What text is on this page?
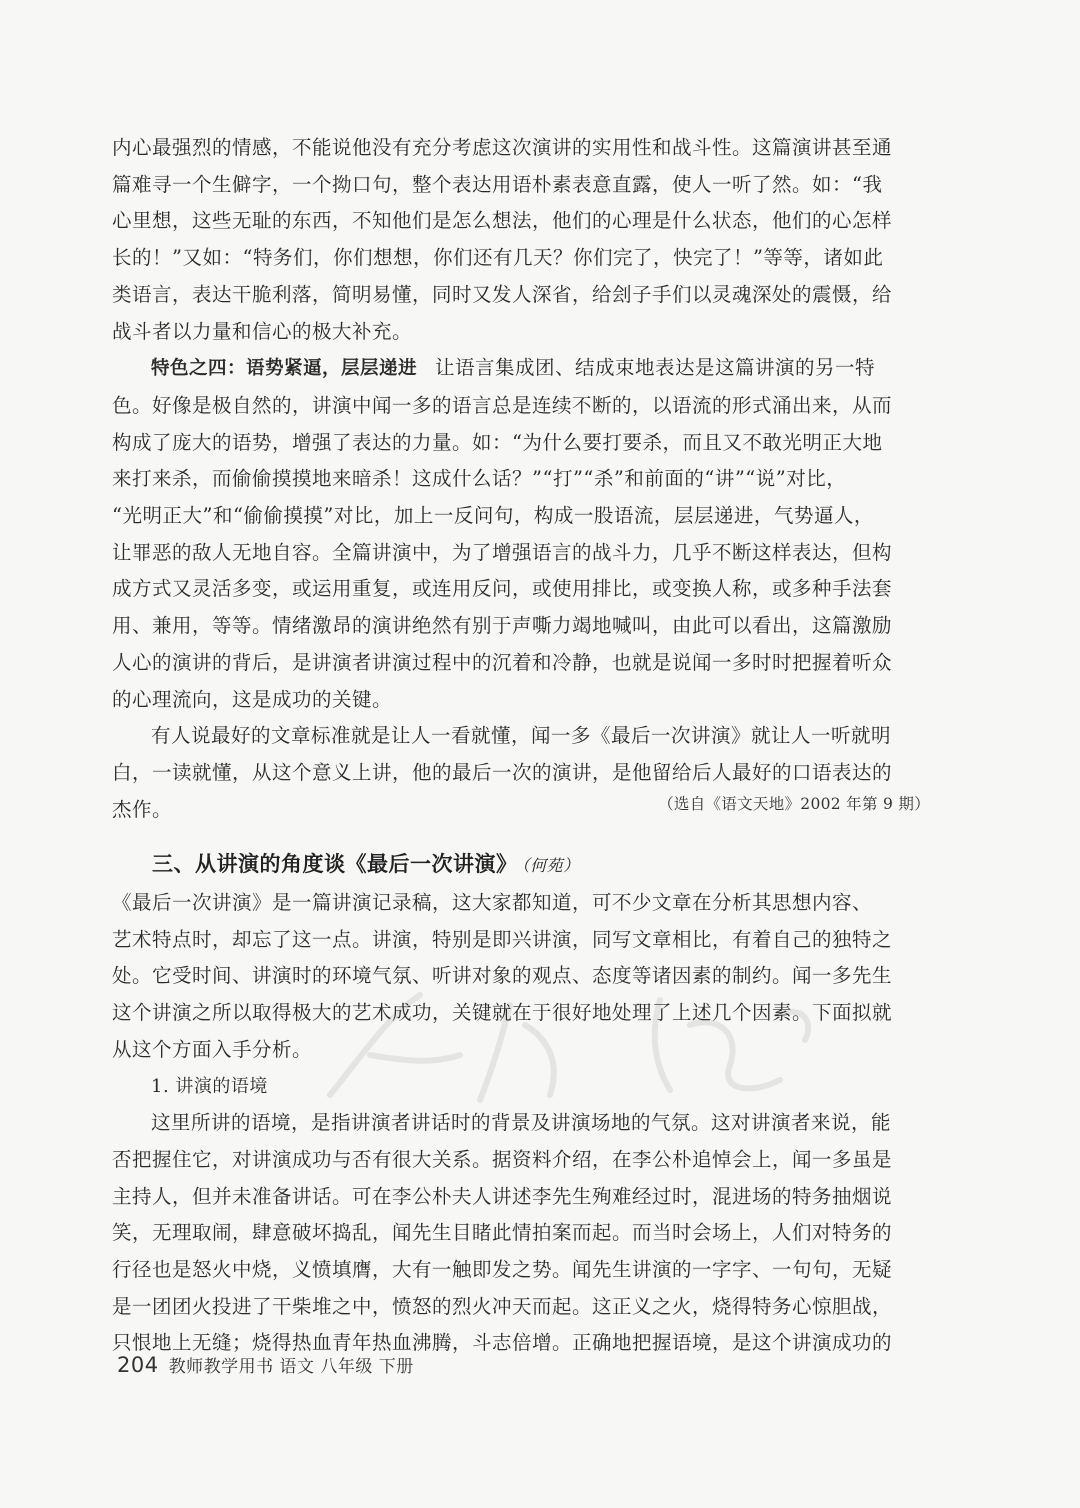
内心最强烈的情感，不能说他没有充分考虑这次演讲的实用性和战斗性。这篇演讲甚至通

篇难寻一个生僻字，一个拗口句，整个表达用语朴素表意直露，使人一听了然。如：“我

心里想，这些无耻的东西，不知他们是怎么想法，他们的心理是什么状态，他们的心怎样

长的！”又如：“特务们，你们想想，你们还有几天？你们完了，快完了！”等等，诸如此

类语言，表达干脆利落，简明易懂，同时又发人深省，给刽子手们以灵魂深处的震慑，给

战斗者以力量和信心的极大补充。

特色之四：语势紧逼，层层递进 让语言集成团、结成束地表达是这篇讲演的另一特

色。好像是极自然的，讲演中闻一多的语言总是连续不断的，以语流的形式涌出来，从而

构成了庞大的语势，增强了表达的力量。如：“为什么要打要杀，而且又不敢光明正大地

来打来杀，而偷偷摸摸地来暗杀！这成什么话？”“打”“杀”和前面的“讲”“说”对比，

“光明正大”和“偷偷摸摸”对比，加上一反问句，构成一股语流，层层递进，气势逼人，

让罪恶的敌人无地自容。全篇讲演中，为了增强语言的战斗力，几乎不断这样表达，但构

成方式又灵活多变，或运用重复，或连用反问，或使用排比，或变换人称，或多种手法套

用、兼用，等等。情绪激昂的演讲绝然有别于声嘶力竭地喊叫，由此可以看出，这篇激励

人心的演讲的背后，是讲演者讲演过程中的沉着和冷静，也就是说闻一多时时把握着听众

的心理流向，这是成功的关键。

有人说最好的文章标准就是让人一看就懂，闻一多《最后一次讲演》就让人一听就明

白，一读就懂，从这个意义上讲，他的最后一次的演讲，是他留给后人最好的口语表达的

杰作。	（选自《语文天地》2002 年第 9 期）
三、从讲演的角度谈《最后一次讲演》 （何苑）

《最后一次讲演》是一篇讲演记录稿，这大家都知道，可不少文章在分析其思想内容、

艺术特点时，却忘了这一点。讲演，特别是即兴讲演，同写文章相比，有着自己的独特之

处。它受时间、讲演时的环境气氛、听讲对象的观点、态度等诸因素的制约。闻一多先生

这个讲演之所以取得极大的艺术成功，关键就在于很好地处理了上述几个因素。下面拟就

从这个方面入手分析。

1. 讲演的语境

这里所讲的语境，是指讲演者讲话时的背景及讲演场地的气氛。这对讲演者来说，能

否把握住它，对讲演成功与否有很大关系。据资料介绍，在李公朴追悼会上，闻一多虽是

主持人，但并未准备讲话。可在李公朴夫人讲述李先生殉难经过时，混进场的特务抽烟说

笑，无理取闹，肆意破坏捣乱，闻先生目睹此情拍案而起。而当时会场上，人们对特务的

行径也是怒火中烧，义愤填膺，大有一触即发之势。闻先生讲演的一字字、一句句，无疑

是一团团火投进了干柴堆之中，愤怒的烈火冲天而起。这正义之火，烧得特务心惊胆战，

只恨地上无缝；烧得热血青年热血沸腾，斗志倍增。正确地把握语境，是这个讲演成功的

204 教师教学用书 语文 八年级 下册
